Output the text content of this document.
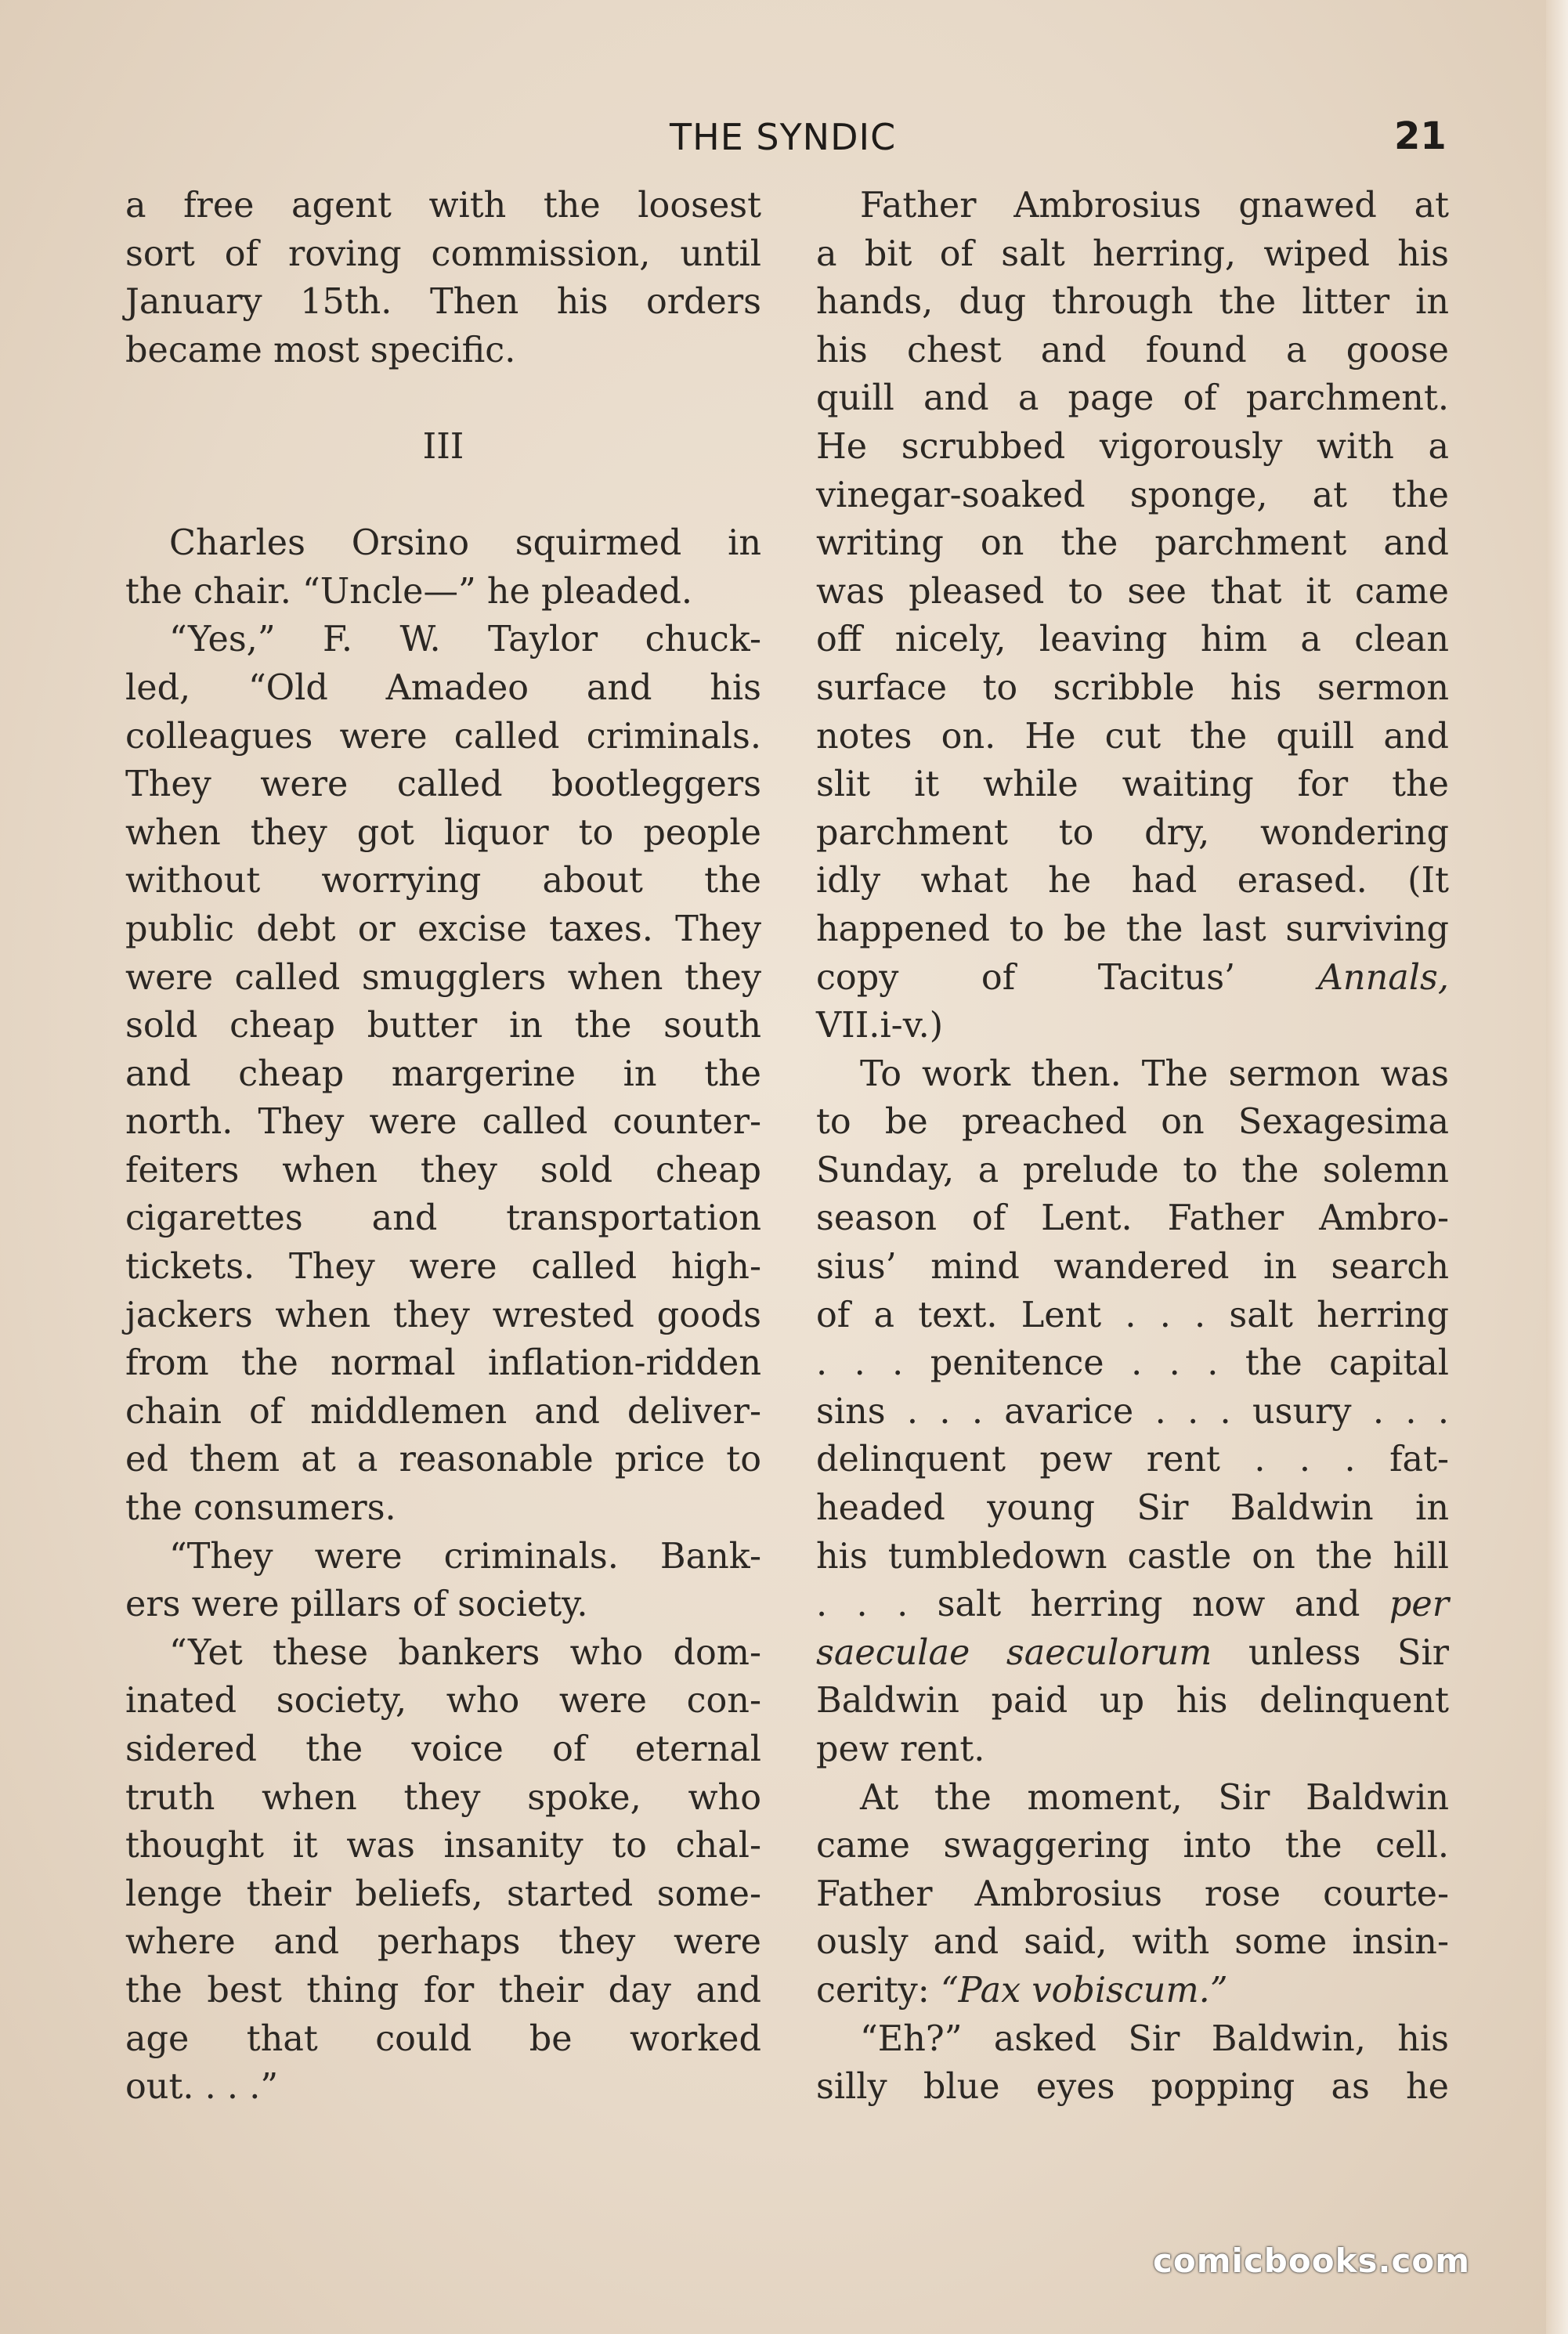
THE SYNDIC	21
a free agent with the loosest
sort of roving commission, until
January 15th. Then his orders
became most specific.
III
Charles Orsino squirmed in
the chair. “Uncle—” he pleaded.
“Yes,” F. W. Taylor chuck-
led, “Old Amadeo and his
colleagues were called criminals.
They were called bootleggers
when they got liquor to people
without worrying about the
public debt or excise taxes. They
were called smugglers when they
sold cheap butter in the south
and cheap margerine in the
north. They were called counter-
feiters when they sold cheap
cigarettes and transportation
tickets. They were called high-
jackers when they wrested goods
from the normal inflation-ridden
chain of middlemen and deliver-
ed them at a reasonable price to
the consumers.
“They were criminals. Bank-
ers were pillars of society.
“Yet these bankers who dom-
inated society, who were con-
sidered the voice of eternal
truth when they spoke, who
thought it was insanity to chal-
lenge their beliefs, started some-
where and perhaps they were
the best thing for their day and
age that could be worked
out. . . .”
Father Ambrosius gnawed at
a bit of salt herring, wiped his
hands, dug through the litter in
his chest and found a goose
quill and a page of parchment.
He scrubbed vigorously with a
vinegar-soaked sponge, at the
writing on the parchment and
was pleased to see that it came
off nicely, leaving him a clean
surface to scribble his sermon
notes on. He cut the quill and
slit it while waiting for the
parchment to dry, wondering
idly what he had erased. (It
happened to be the last surviving
copy of Tacitus’ Annals,
VII.i-v.)
To work then. The sermon was
to be preached on Sexagesima
Sunday, a prelude to the solemn
season of Lent. Father Ambro-
sius’ mind wandered in search
of a text. Lent . . . salt herring
. . . penitence . . . the capital
sins . . . avarice . . . usury . . .
delinquent pew rent . . . fat-
headed young Sir Baldwin in
his tumbledown castle on the hill
. . . salt herring now and per
saeculae saeculorum unless Sir
Baldwin paid up his delinquent
pew rent.
At the moment, Sir Baldwin
came swaggering into the cell.
Father Ambrosius rose courte-
ously and said, with some insin-
cerity: “Pax vobiscum.”
“Eh?” asked Sir Baldwin, his
silly blue eyes popping as he
comicbooks.com
